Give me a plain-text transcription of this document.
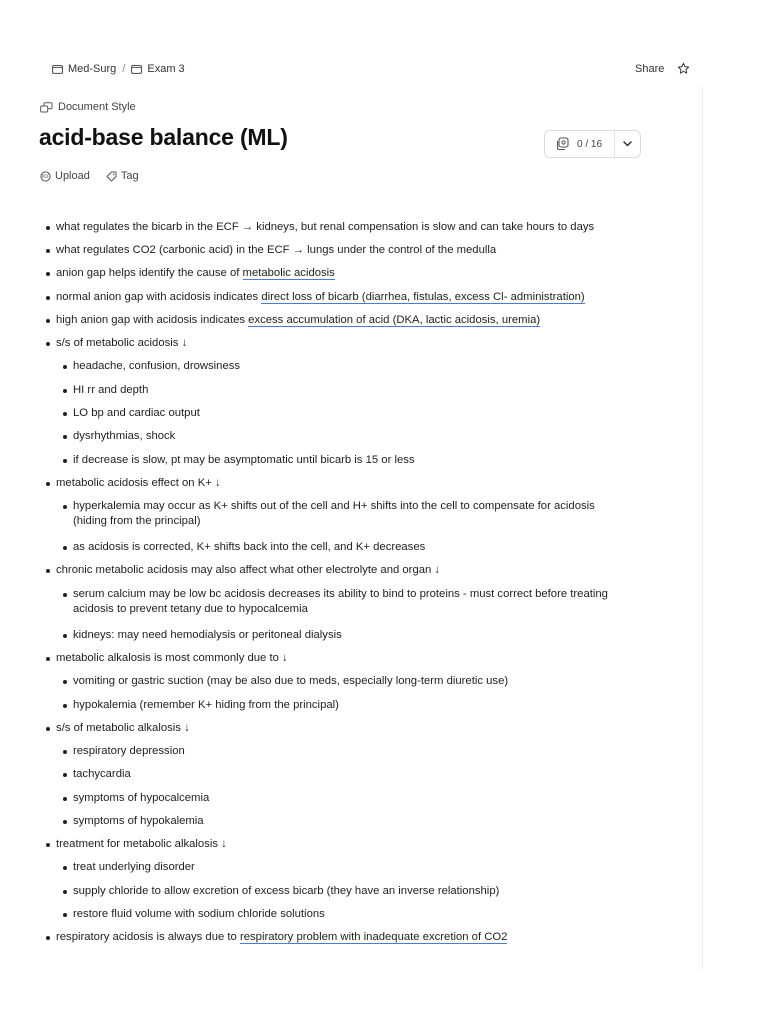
Med-Surg / Exam 3	Share
Document Style
acid-base balance (ML)	0 / 16
PDF Upload	Tag
what regulates the bicarb in the ECF → kidneys, but renal compensation is slow and can take hours to days
what regulates CO2 (carbonic acid) in the ECF → lungs under the control of the medulla
anion gap helps identify the cause of metabolic acidosis
normal anion gap with acidosis indicates direct loss of bicarb (diarrhea, fistulas, excess Cl- administration)
high anion gap with acidosis indicates excess accumulation of acid (DKA, lactic acidosis, uremia)
s/s of metabolic acidosis ↓
headache, confusion, drowsiness
HI rr and depth
LO bp and cardiac output
dysrhythmias, shock
if decrease is slow, pt may be asymptomatic until bicarb is 15 or less
metabolic acidosis effect on K+ ↓
hyperkalemia may occur as K+ shifts out of the cell and H+ shifts into the cell to compensate for acidosis (hiding from the principal)
as acidosis is corrected, K+ shifts back into the cell, and K+ decreases
chronic metabolic acidosis may also affect what other electrolyte and organ ↓
serum calcium may be low bc acidosis decreases its ability to bind to proteins - must correct before treating acidosis to prevent tetany due to hypocalcemia
kidneys: may need hemodialysis or peritoneal dialysis
metabolic alkalosis is most commonly due to ↓
vomiting or gastric suction (may be also due to meds, especially long-term diuretic use)
hypokalemia (remember K+ hiding from the principal)
s/s of metabolic alkalosis ↓
respiratory depression
tachycardia
symptoms of hypocalcemia
symptoms of hypokalemia
treatment for metabolic alkalosis ↓
treat underlying disorder
supply chloride to allow excretion of excess bicarb (they have an inverse relationship)
restore fluid volume with sodium chloride solutions
respiratory acidosis is always due to respiratory problem with inadequate excretion of CO2
